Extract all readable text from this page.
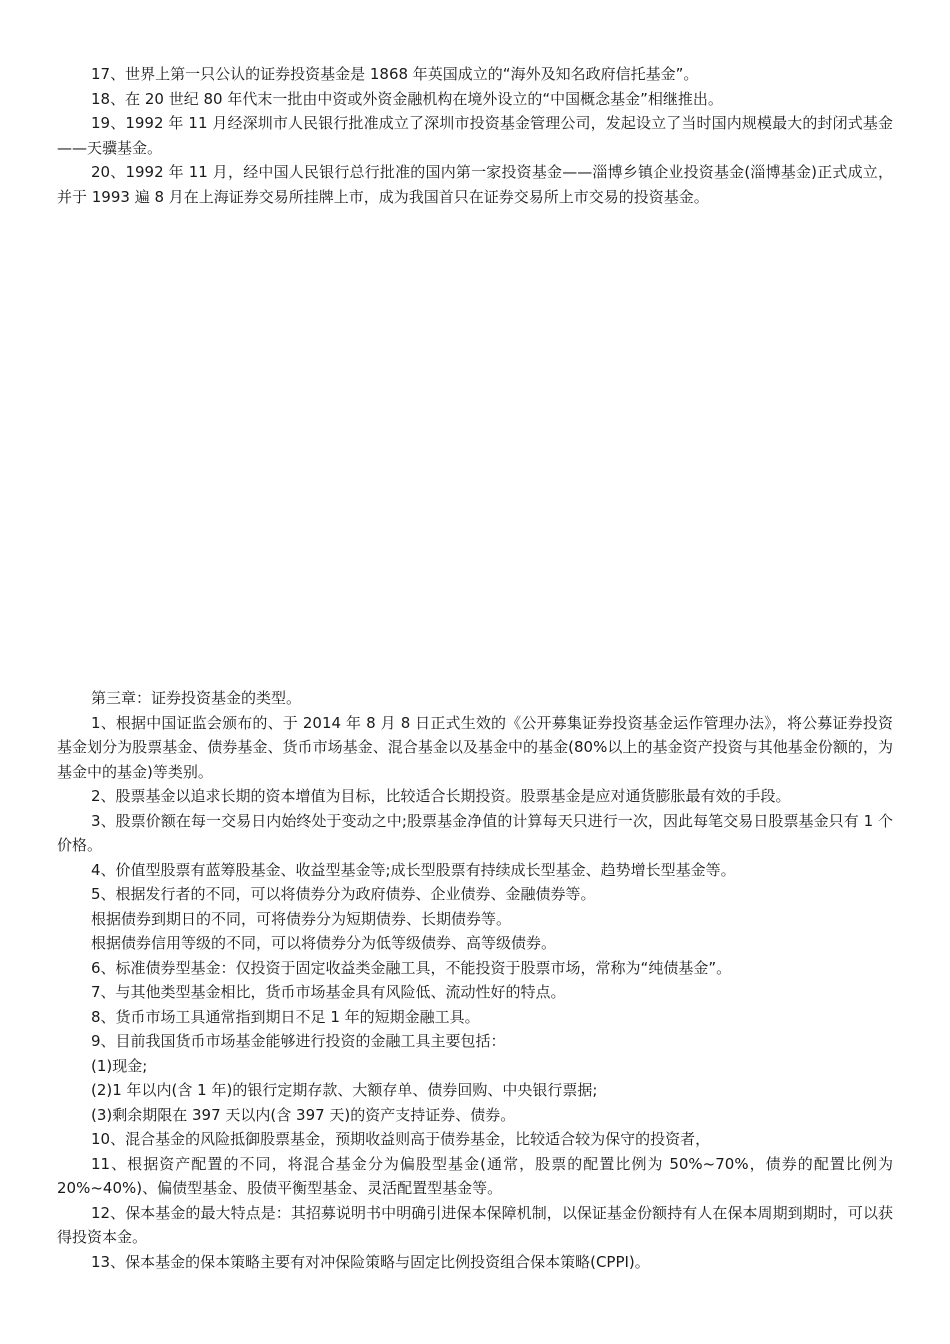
17、世界上第一只公认的证券投资基金是 1868 年英国成立的“海外及知名政府信托基金”。

18、在 20 世纪 80 年代末一批由中资或外资金融机构在境外设立的“中国概念基金”相继推出。

19、1992 年 11 月经深圳市人民银行批准成立了深圳市投资基金管理公司，发起设立了当时国内规模最大的封闭式基金——天骥基金。

20、1992 年 11 月，经中国人民银行总行批准的国内第一家投资基金——淄博乡镇企业投资基金(淄博基金)正式成立，并于 1993 遍 8 月在上海证券交易所挂牌上市，成为我国首只在证券交易所上市交易的投资基金。

第三章：证券投资基金的类型。

1、根据中国证监会颁布的、于 2014 年 8 月 8 日正式生效的《公开募集证券投资基金运作管理办法》，将公募证券投资基金划分为股票基金、债券基金、货币市场基金、混合基金以及基金中的基金(80%以上的基金资产投资与其他基金份额的，为基金中的基金)等类别。

2、股票基金以追求长期的资本增值为目标，比较适合长期投资。股票基金是应对通货膨胀最有效的手段。

3、股票价额在每一交易日内始终处于变动之中;股票基金净值的计算每天只进行一次，因此每笔交易日股票基金只有 1 个价格。

4、价值型股票有蓝筹股基金、收益型基金等;成长型股票有持续成长型基金、趋势增长型基金等。

5、根据发行者的不同，可以将债券分为政府债券、企业债券、金融债券等。

根据债券到期日的不同，可将债券分为短期债券、长期债券等。

根据债券信用等级的不同，可以将债券分为低等级债券、高等级债券。

6、标准债券型基金：仅投资于固定收益类金融工具，不能投资于股票市场，常称为“纯债基金”。

7、与其他类型基金相比，货币市场基金具有风险低、流动性好的特点。

8、货币市场工具通常指到期日不足 1 年的短期金融工具。

9、目前我国货币市场基金能够进行投资的金融工具主要包括：

(1)现金;

(2)1 年以内(含 1 年)的银行定期存款、大额存单、债券回购、中央银行票据;

(3)剩余期限在 397 天以内(含 397 天)的资产支持证券、债券。

10、混合基金的风险抵御股票基金，预期收益则高于债券基金，比较适合较为保守的投资者，

11、根据资产配置的不同，将混合基金分为偏股型基金(通常，股票的配置比例为 50%~70%，债券的配置比例为 20%~40%)、偏债型基金、股债平衡型基金、灵活配置型基金等。

12、保本基金的最大特点是：其招募说明书中明确引进保本保障机制，以保证基金份额持有人在保本周期到期时，可以获得投资本金。

13、保本基金的保本策略主要有对冲保险策略与固定比例投资组合保本策略(CPPI)。
